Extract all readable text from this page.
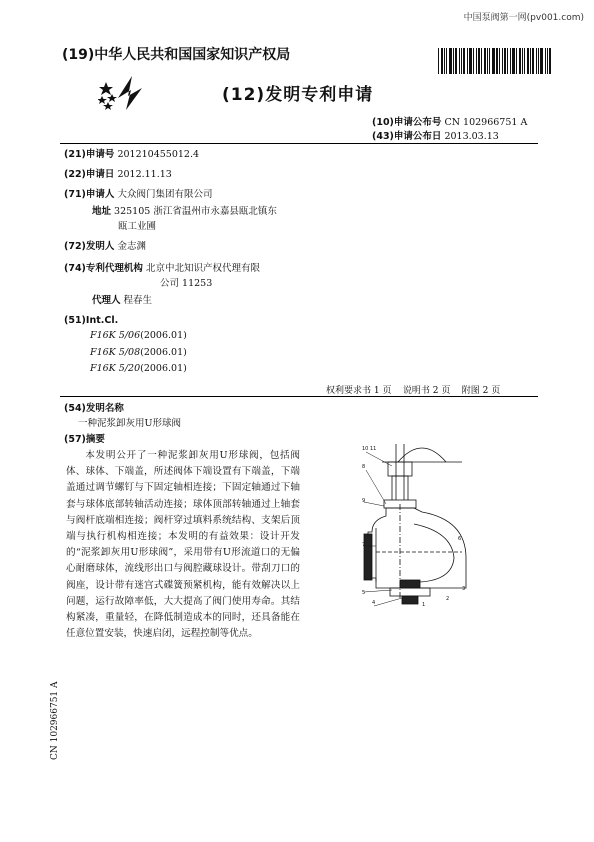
中国泵阀第一网(pv001.com)
(19)中华人民共和国国家知识产权局
(12)发明专利申请
(10)申请公布号 CN 102966751 A
(43)申请公布日 2013.03.13
(21)申请号 201210455012.4
(22)申请日 2012.11.13
(71)申请人 大众阀门集团有限公司
地址 325105 浙江省温州市永嘉县瓯北镇东
瓯工业圃
(72)发明人 金志渊
(74)专利代理机构 北京中北知识产权代理有限
公司 11253
代理人 程春生
(51)Int.Cl.
F16K 5/06(2006.01)
F16K 5/08(2006.01)
F16K 5/20(2006.01)
权利要求书 1 页    说明书 2 页    附图 2 页
(54)发明名称
一种泥浆卸灰用U形球阀
(57)摘要
本发明公开了一种泥浆卸灰用U形球阀，包括阀体、球体、下端盖，所述阀体下端设置有下端盖，下端盖通过调节螺钉与下固定轴相连接；下固定轴通过下轴套与球体底部转轴活动连接；球体顶部转轴通过上轴套与阀杆底端相连接；阀杆穿过填料系统结构、支架后顶端与执行机构相连接；本发明的有益效果：设计开发的“泥浆卸灰用U形球阀”，采用带有U形流道口的无偏心耐磨球体，流线形出口与阀腔藏球设计。带刮刀口的阀座，设计带有迷宫式碟簧预紧机构，能有效解决以上问题，运行故障率低，大大提高了阀门使用寿命。其结构紧凑，重量轻，在降低制造成本的同时，还具备能在任意位置安装，快速启闭，远程控制等优点。
10 11
8
9
7
6
5
4
3
2
1
CN 102966751 A
